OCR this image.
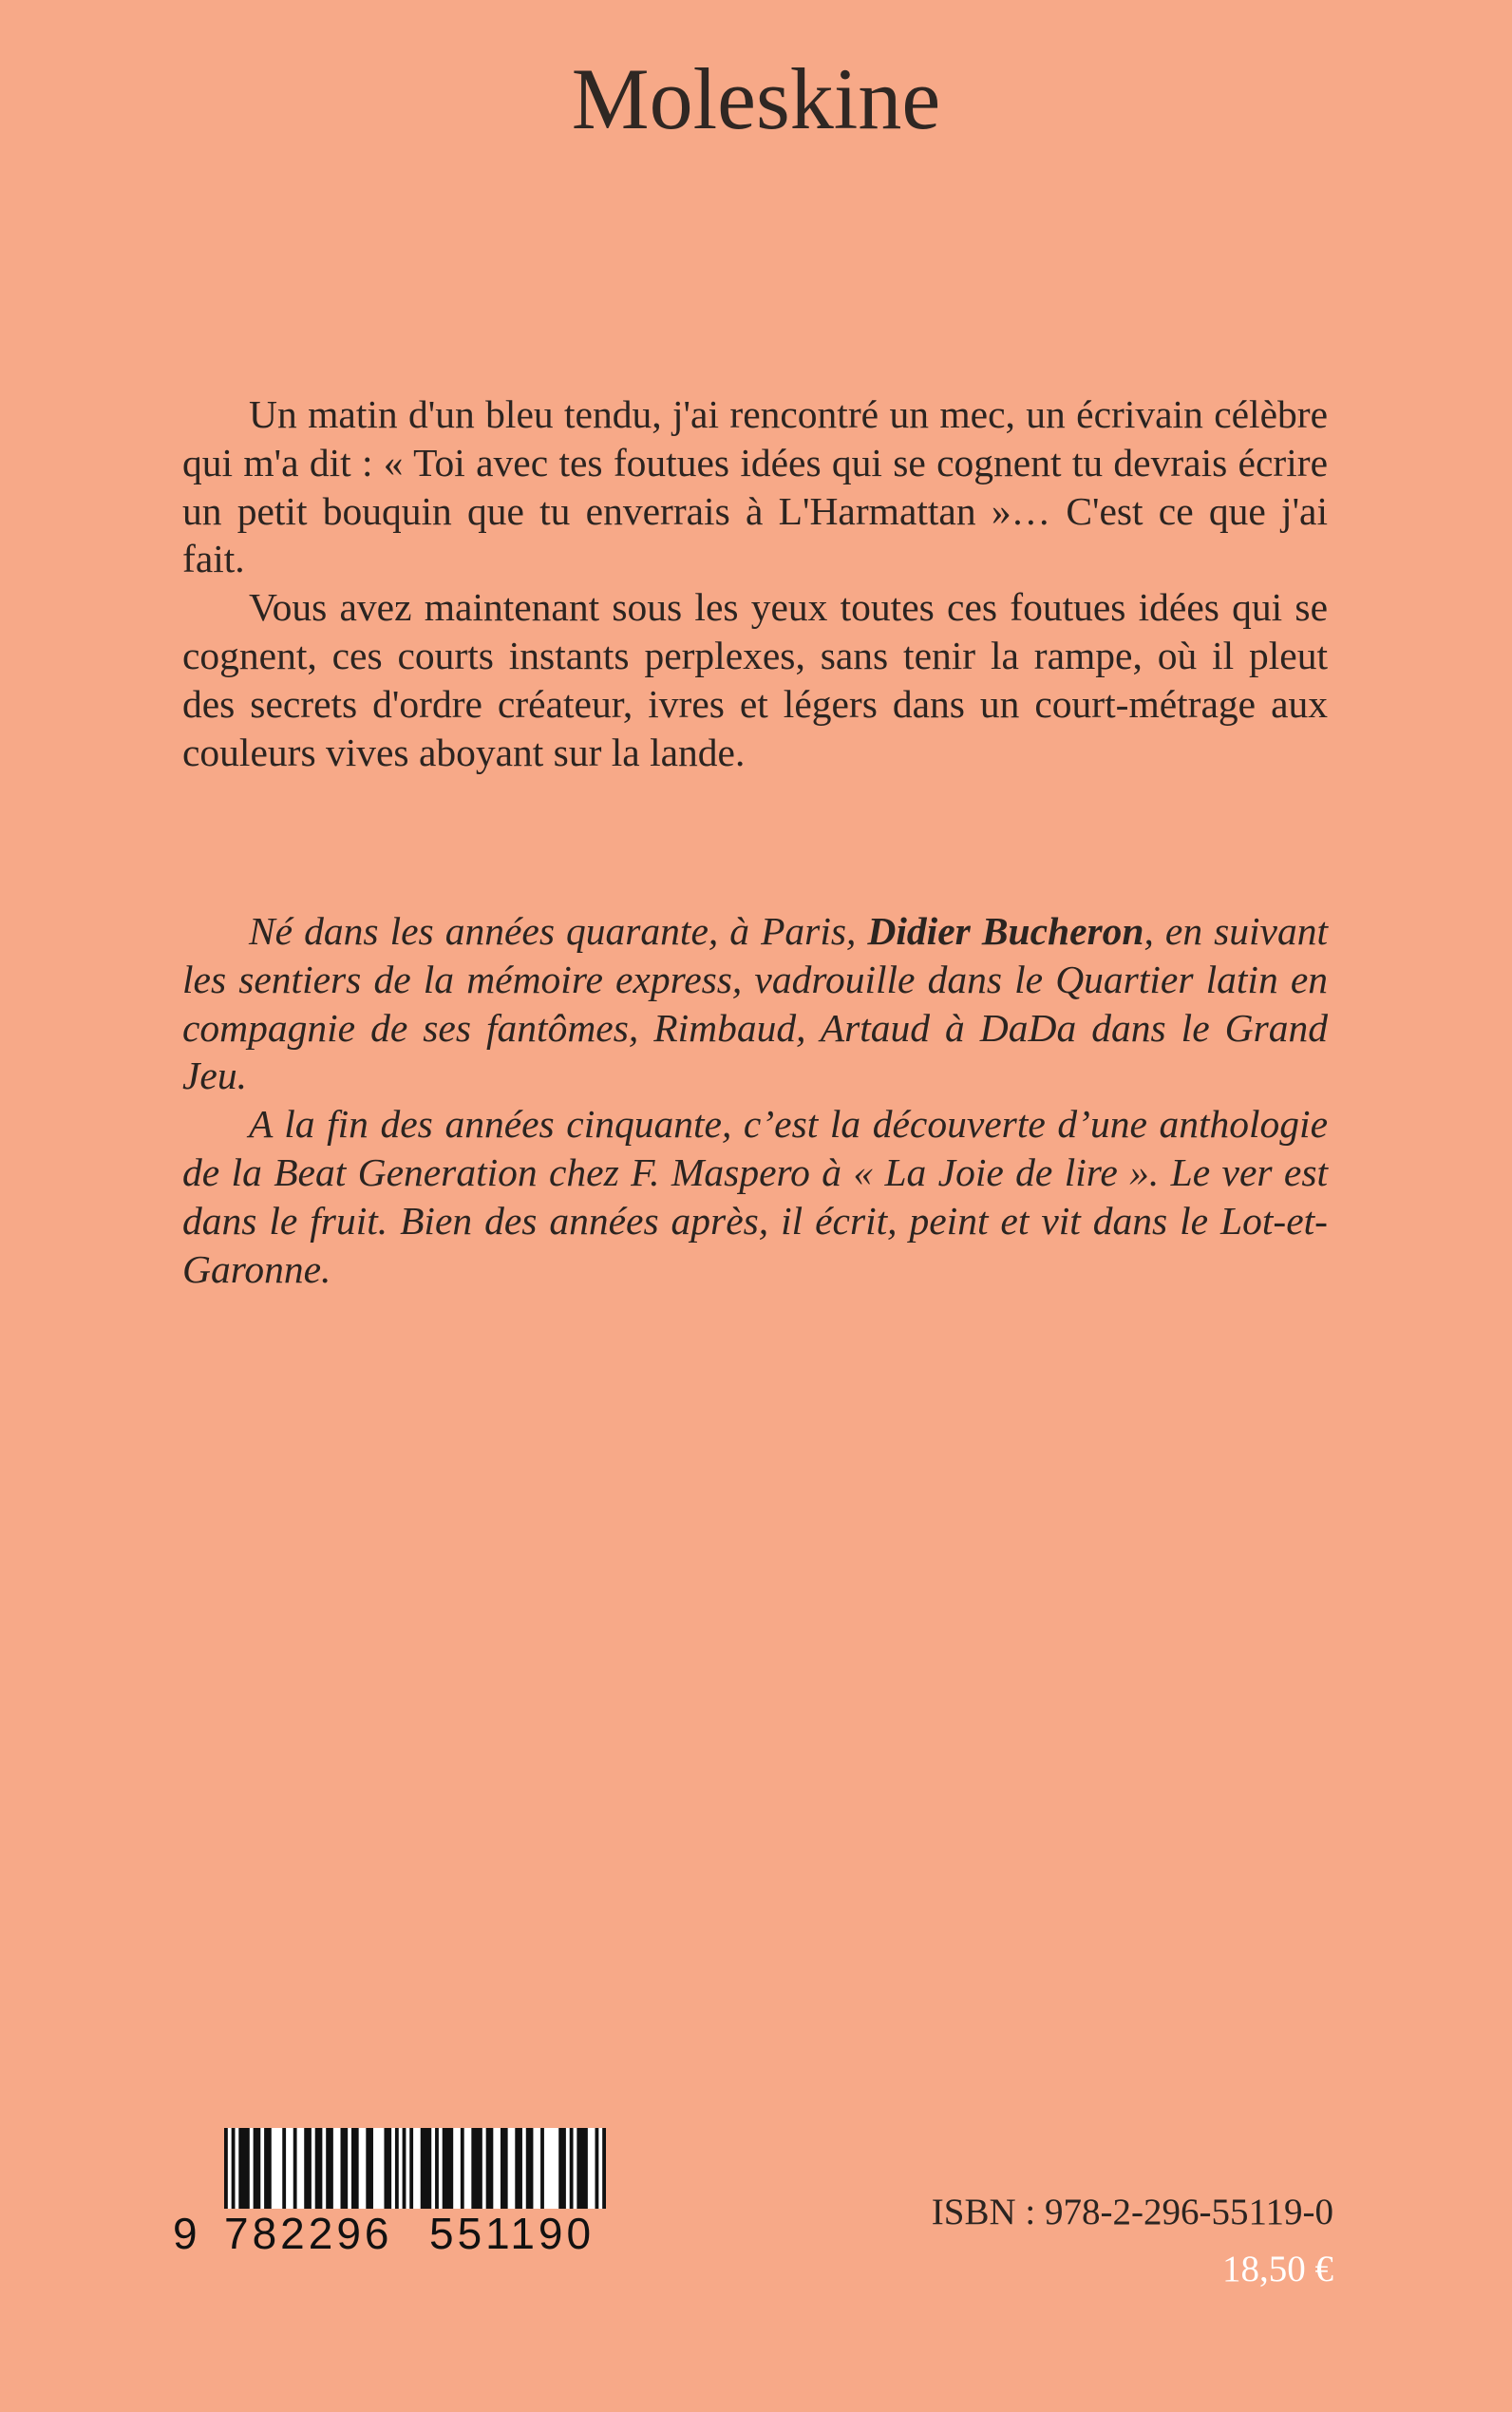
Moleskine

Un matin d'un bleu tendu, j'ai rencontré un mec, un écrivain célèbre qui m'a dit : « Toi avec tes foutues idées qui se cognent tu devrais écrire un petit bouquin que tu enverrais à L'Harmattan »… C'est ce que j'ai fait.

Vous avez maintenant sous les yeux toutes ces foutues idées qui se cognent, ces courts instants perplexes, sans tenir la rampe, où il pleut des secrets d'ordre créateur, ivres et légers dans un court-métrage aux couleurs vives aboyant sur la lande.

Né dans les années quarante, à Paris, Didier Bucheron, en suivant les sentiers de la mémoire express, vadrouille dans le Quartier latin en compagnie de ses fantômes, Rimbaud, Artaud à DaDa dans le Grand Jeu.

A la fin des années cinquante, c’est la découverte d’une anthologie de la Beat Generation chez F. Maspero à « La Joie de lire ». Le ver est dans le fruit. Bien des années après, il écrit, peint et vit dans le Lot-et-Garonne.

9 782296 551190	ISBN : 978-2-296-55119-0
18,50 €
